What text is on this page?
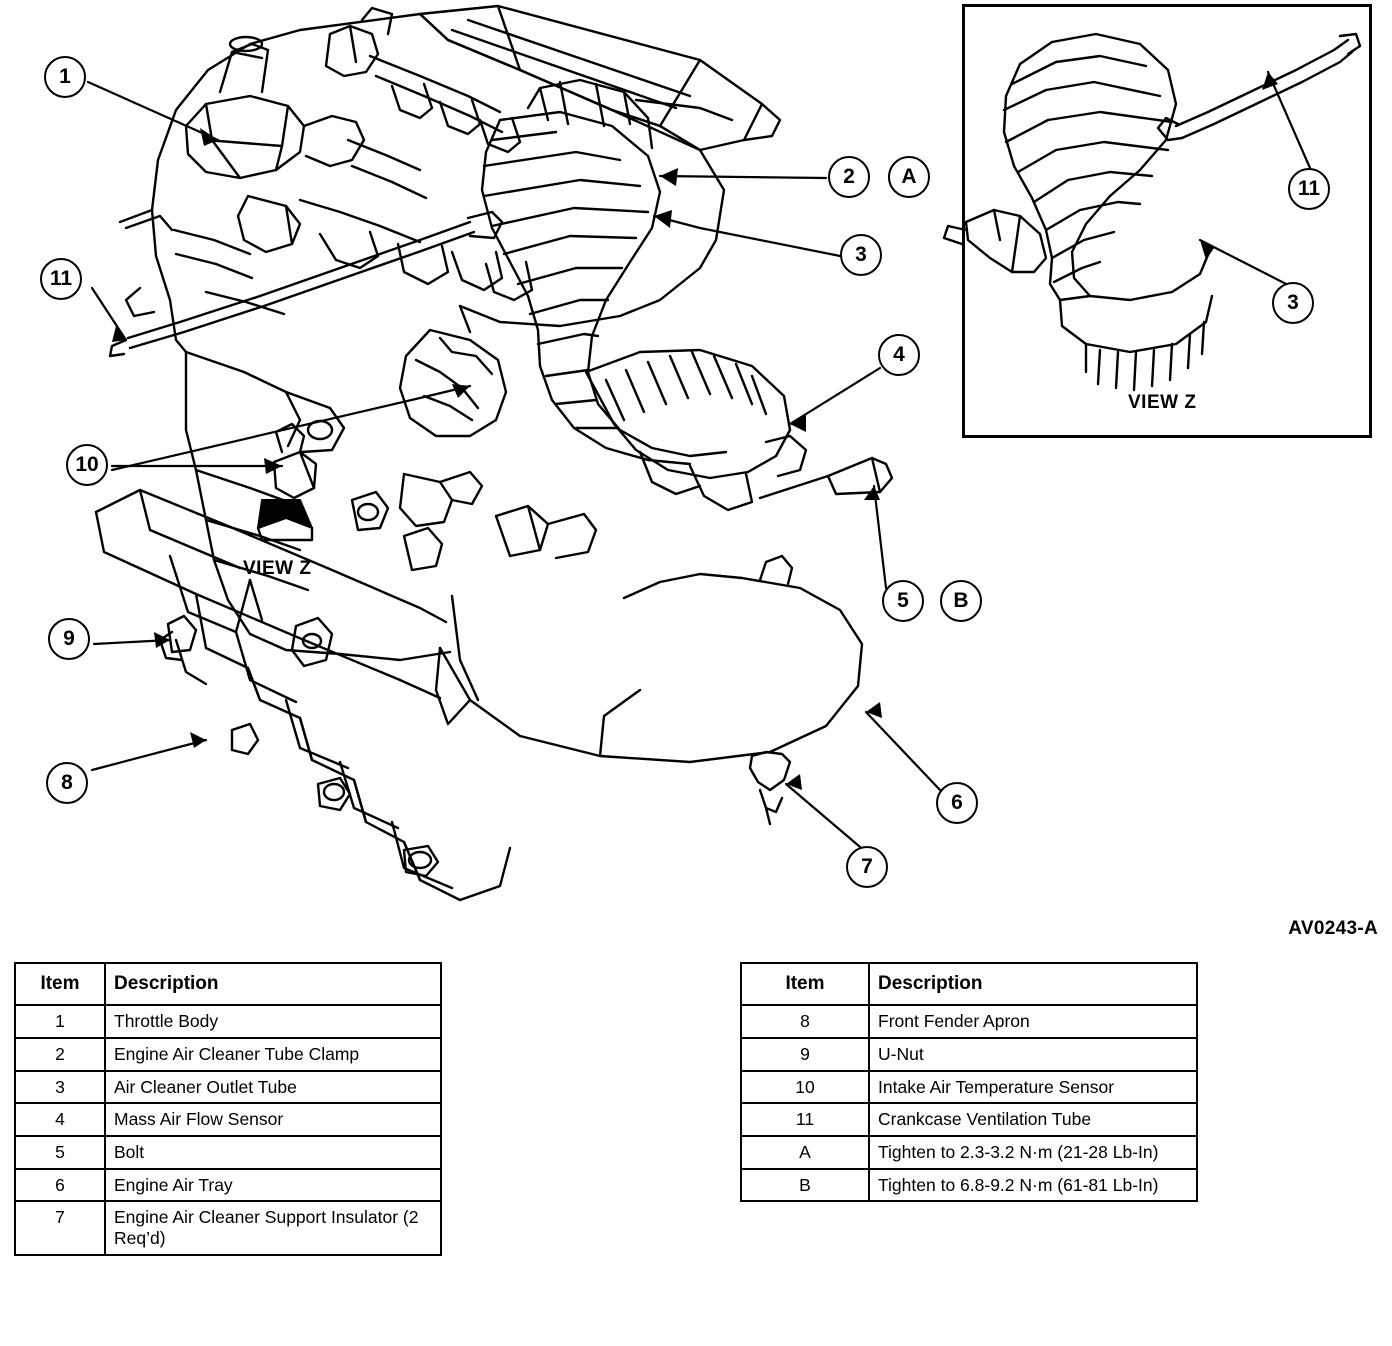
1
11
10
9
8
2	A
3
4
5	B
6
7
11
3
VIEW Z
VIEW Z
AV0243-A
Item	Description
1	Throttle Body
2	Engine Air Cleaner Tube Clamp
3	Air Cleaner Outlet Tube
4	Mass Air Flow Sensor
5	Bolt
6	Engine Air Tray
7	Engine Air Cleaner Support Insulator (2 Req’d)
Item	Description
8	Front Fender Apron
9	U-Nut
10	Intake Air Temperature Sensor
11	Crankcase Ventilation Tube
A	Tighten to 2.3-3.2 N·m (21-28 Lb-In)
B	Tighten to 6.8-9.2 N·m (61-81 Lb-In)
